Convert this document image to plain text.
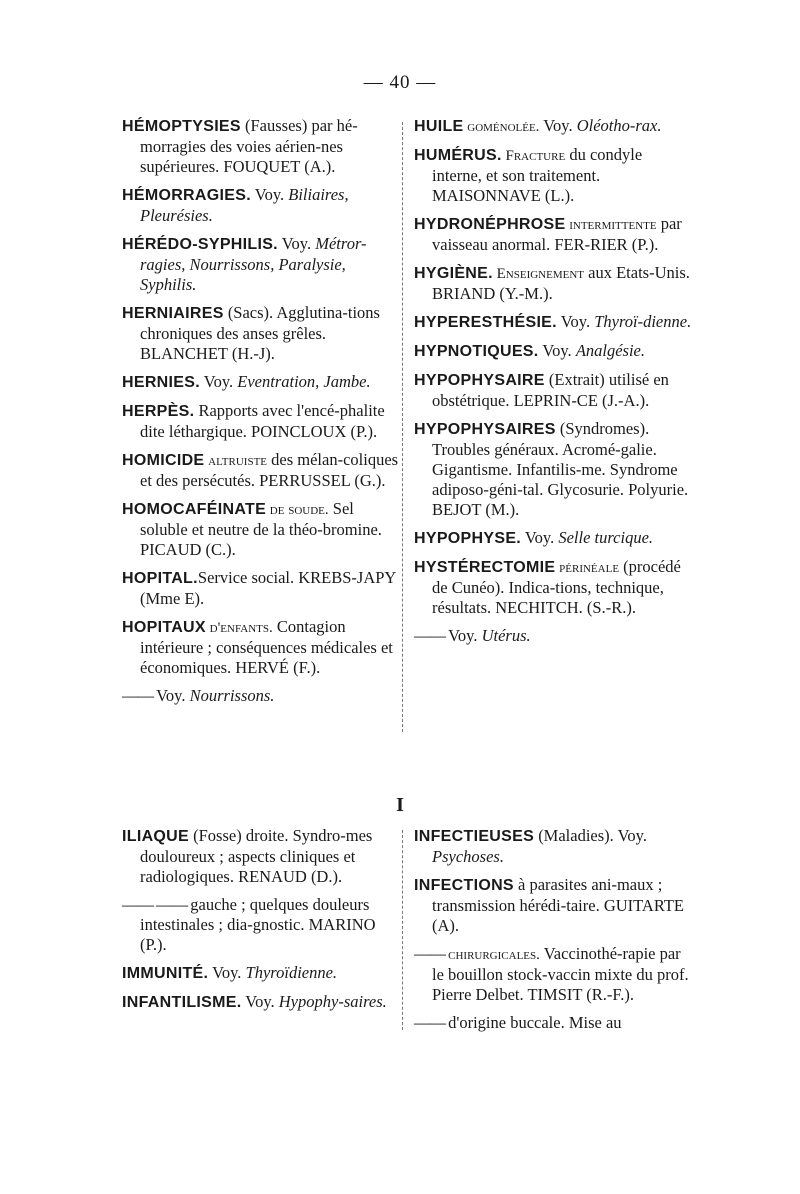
— 40 —
HÉMOPTYSIES (Fausses) par hé-morragies des voies aérien-nes supérieures. FOUQUET (A.).
HÉMORRAGIES. Voy. Biliaires, Pleurésies.
HÉRÉDO-SYPHILIS. Voy. Métror-ragies, Nourrissons, Paralysie, Syphilis.
HERNIAIRES (Sacs). Agglutina-tions chroniques des anses grêles. BLANCHET (H.-J).
HERNIES. Voy. Eventration, Jambe.
HERPÈS. Rapports avec l'encé-phalite dite léthargique. POINCLOUX (P.).
HOMICIDE altruiste des mélan-coliques et des persécutés. PERRUSSEL (G.).
HOMOCAFÉINATE de soude. Sel soluble et neutre de la théo-bromine. PICAUD (C.).
HOPITAL.Service social. KREBS-JAPY (Mme E).
HOPITAUX d'enfants. Contagion intérieure ; conséquences médicales et économiques. HERVÉ (F.).
—— Voy. Nourrissons.
HUILE goménolée. Voy. Oléotho-rax.
HUMÉRUS. Fracture du condyle interne, et son traitement. MAISONNAVE (L.).
HYDRONÉPHROSE intermittente par vaisseau anormal. FER-RIER (P.).
HYGIÈNE. Enseignement aux Etats-Unis. BRIAND (Y.-M.).
HYPERESTHÉSIE. Voy. Thyroï-dienne.
HYPNOTIQUES. Voy. Analgésie.
HYPOPHYSAIRE (Extrait) utilisé en obstétrique. LEPRIN-CE (J.-A.).
HYPOPHYSAIRES (Syndromes). Troubles généraux. Acromé-galie. Gigantisme. Infantilis-me. Syndrome adiposo-géni-tal. Glycosurie. Polyurie. BEJOT (M.).
HYPOPHYSE. Voy. Selle turcique.
HYSTÉRECTOMIE périnéale (procédé de Cunéo). Indica-tions, technique, résultats. NECHITCH. (S.-R.).
—— Voy. Utérus.
I
ILIAQUE (Fosse) droite. Syndro-mes douloureux ; aspects cliniques et radiologiques. RENAUD (D.).
—— —— gauche ; quelques douleurs intestinales ; dia-gnostic. MARINO (P.).
IMMUNITÉ. Voy. Thyroïdienne.
INFANTILISME. Voy. Hypophy-saires.
INFECTIEUSES (Maladies). Voy. Psychoses.
INFECTIONS à parasites ani-maux ; transmission hérédi-taire. GUITARTE (A).
—— chirurgicales. Vaccinothé-rapie par le bouillon stock-vaccin mixte du prof. Pierre Delbet. TIMSIT (R.-F.).
—— d'origine buccale. Mise au
